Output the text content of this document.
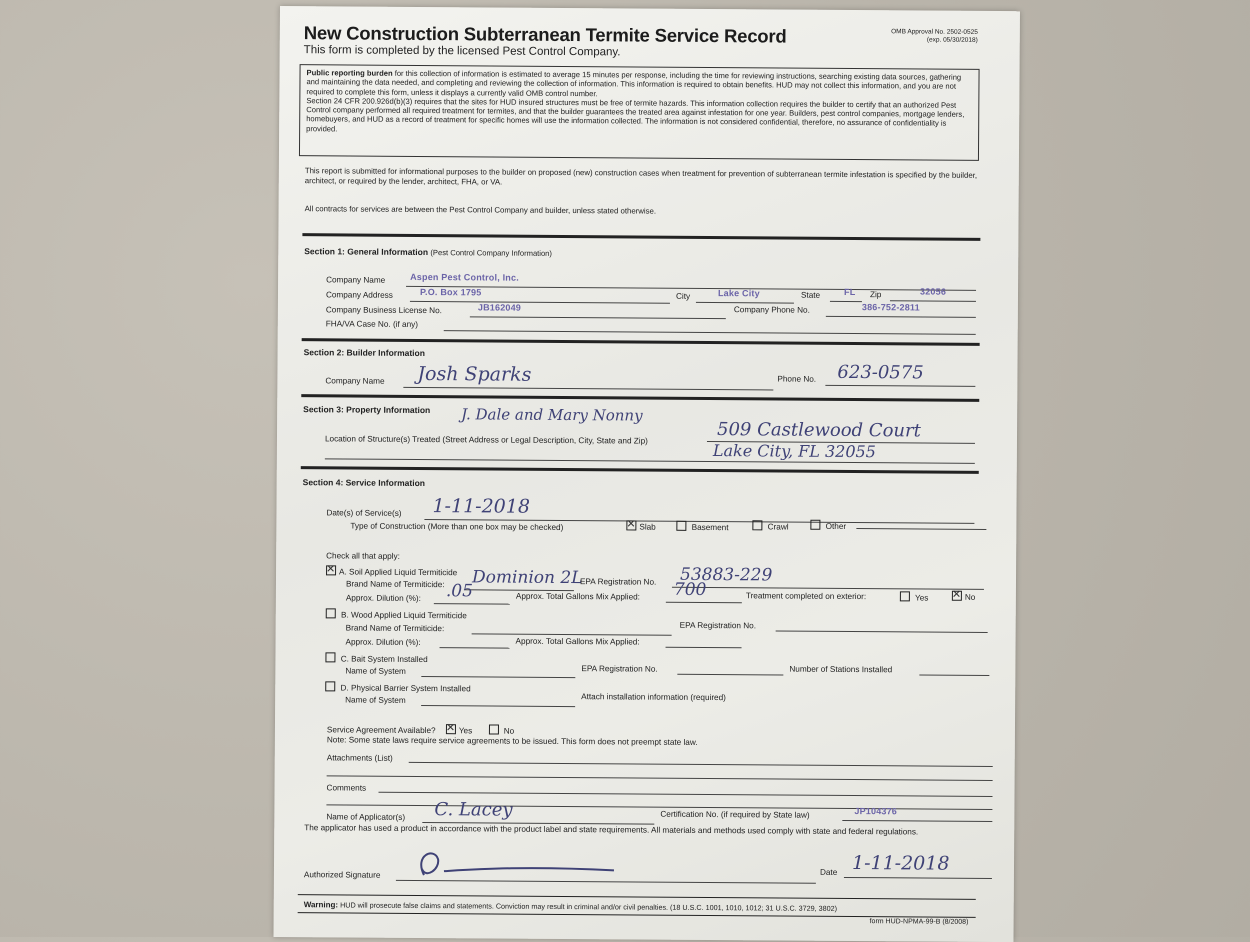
New Construction Subterranean Termite Service Record
This form is completed by the licensed Pest Control Company.
OMB Approval No. 2502-0525
(exp. 05/30/2018)
Public reporting burden for this collection of information is estimated to average 15 minutes per response, including the time for reviewing instructions, searching existing data sources, gathering and maintaining the data needed, and completing and reviewing the collection of information. This information is required to obtain benefits. HUD may not collect this information, and you are not required to complete this form, unless it displays a currently valid OMB control number.
Section 24 CFR 200.926d(b)(3) requires that the sites for HUD insured structures must be free of termite hazards. This information collection requires the builder to certify that an authorized Pest Control company performed all required treatment for termites, and that the builder guarantees the treated area against infestation for one year. Builders, pest control companies, mortgage lenders, homebuyers, and HUD as a record of treatment for specific homes will use the information collected. The information is not considered confidential, therefore, no assurance of confidentiality is provided.
This report is submitted for informational purposes to the builder on proposed (new) construction cases when treatment for prevention of subterranean termite infestation is specified by the builder, architect, or required by the lender, architect, FHA, or VA.
All contracts for services are between the Pest Control Company and builder, unless stated otherwise.
Section 1: General Information (Pest Control Company Information)
Company Name	Aspen Pest Control, Inc.
Company Address	P.O. Box 1795	City	Lake City	State	FL Zip	32056
Company Business License No.	JB162049	Company Phone No.	386-752-2811
FHA/VA Case No. (if any)
Section 2: Builder Information
Company Name Josh Sparks	Phone No. 623-0575
Section 3: Property Information J. Dale and Mary Nonny
Location of Structure(s) Treated (Street Address or Legal Description, City, State and Zip)	509 Castlewood Court
Lake City, FL 32055
Section 4: Service Information
Date(s) of Service(s) 1-11-2018
Type of Construction (More than one box may be checked) ✕	Slab	Basement	Crawl	Other
Check all that apply:
✕A. Soil Applied Liquid Termiticide
Brand Name of Termiticide: Dominion 2L
EPA Registration No. 53883-229
Approx. Dilution (%): .05	Approx. Total Gallons Mix Applied: 700	Treatment completed on exterior:	Yes ✕	No
B. Wood Applied Liquid Termiticide
Brand Name of Termiticide:	EPA Registration No.
Approx. Dilution (%):	Approx. Total Gallons Mix Applied:
C. Bait System Installed
Name of System	EPA Registration No.	Number of Stations Installed
D. Physical Barrier System Installed
Name of System	Attach installation information (required)
Service Agreement Available? ✕	Yes	No
Note: Some state laws require service agreements to be issued. This form does not preempt state law.
Attachments (List)
Comments
Name of Applicator(s) C. Lacey	Certification No. (if required by State law)	JP104376
The applicator has used a product in accordance with the product label and state requirements. All materials and methods used comply with state and federal regulations.
Authorized Signature	Date 1-11-2018
Warning: HUD will prosecute false claims and statements. Conviction may result in criminal and/or civil penalties. (18 U.S.C. 1001, 1010, 1012; 31 U.S.C. 3729, 3802)
form HUD-NPMA-99-B (8/2008)
